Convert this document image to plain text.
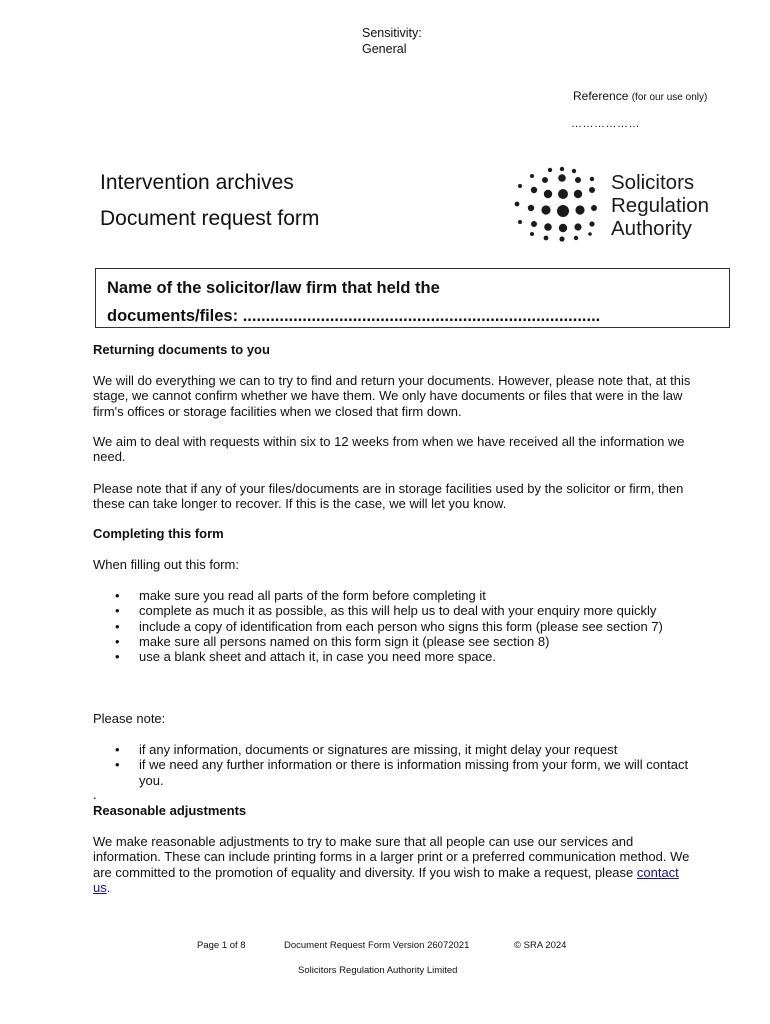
Sensitivity: General
Reference (for our use only)
………………
Intervention archives
Document request form
Solicitors
Regulation
Authority
Name of the solicitor/law firm that held the
documents/files: ..............................................................................
Returning documents to you
We will do everything we can to try to find and return your documents. However, please note that, at this stage, we cannot confirm whether we have them. We only have documents or files that were in the law firm's offices or storage facilities when we closed that firm down.
We aim to deal with requests within six to 12 weeks from when we have received all the information we need.
Please note that if any of your files/documents are in storage facilities used by the solicitor or firm, then these can take longer to recover. If this is the case, we will let you know.
Completing this form
When filling out this form:
• make sure you read all parts of the form before completing it
• complete as much it as possible, as this will help us to deal with your enquiry more quickly
• include a copy of identification from each person who signs this form (please see section 7)
• make sure all persons named on this form sign it (please see section 8)
• use a blank sheet and attach it, in case you need more space.
Please note:
• if any information, documents or signatures are missing, it might delay your request
• if we need any further information or there is information missing from your form, we will contact you.
.
Reasonable adjustments
We make reasonable adjustments to try to make sure that all people can use our services and information. These can include printing forms in a larger print or a preferred communication method. We are committed to the promotion of equality and diversity. If you wish to make a request, please contact us.
Page 1 of 8	Document Request Form Version 26072021	© SRA 2024
Solicitors Regulation Authority Limited
